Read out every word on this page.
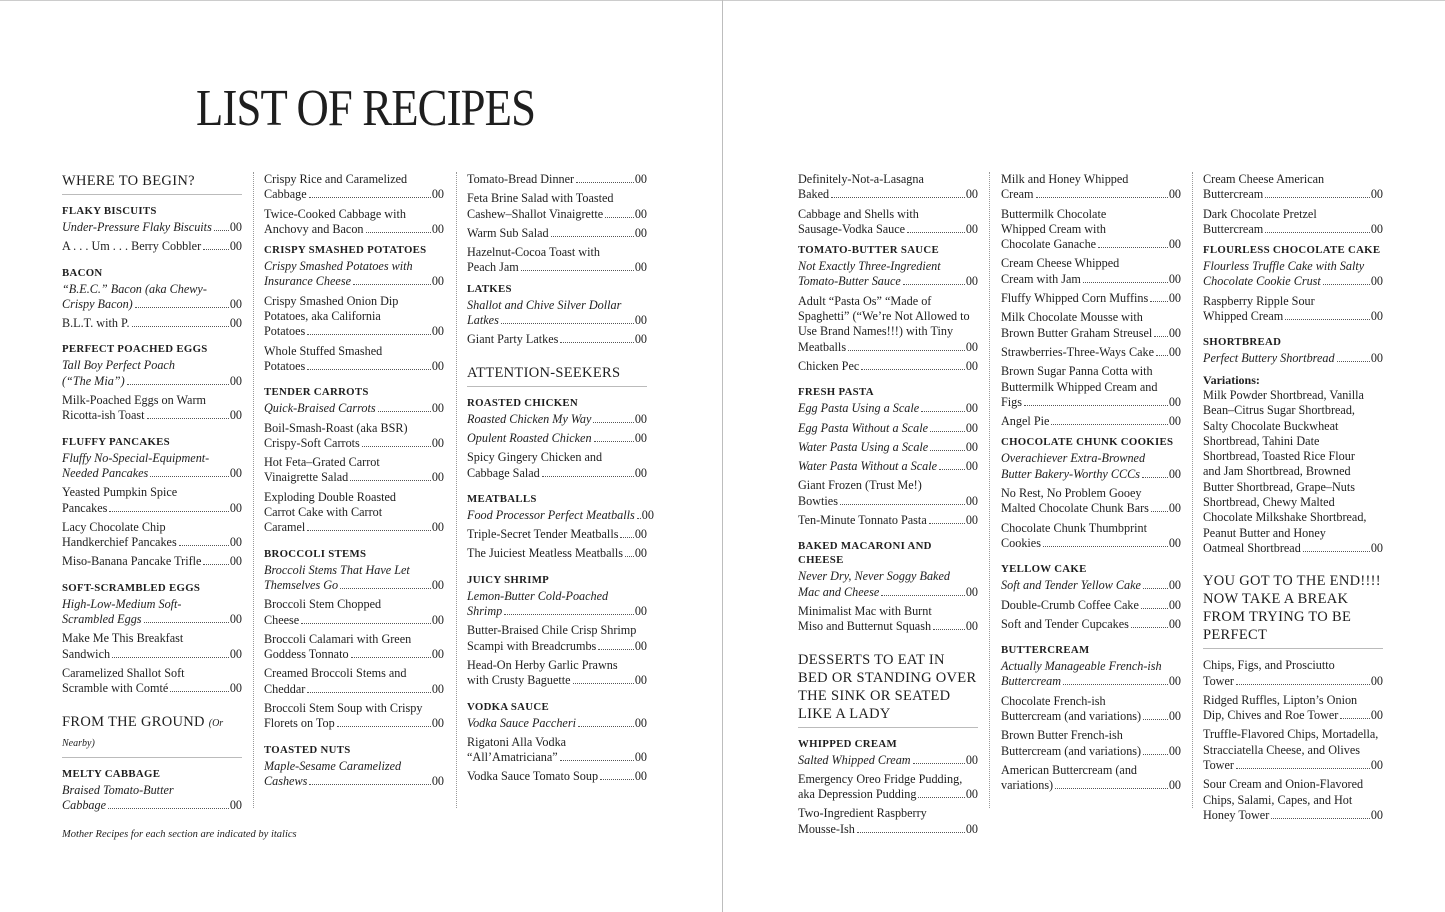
LIST OF RECIPES
WHERE TO BEGIN?
FLAKY BISCUITS
Under-Pressure Flaky Biscuits 00
A . . . Um . . . Berry Cobbler 00
BACON
“B.E.C.” Bacon (aka Chewy-
Crispy Bacon)	00
B.L.T. with P.	00
PERFECT POACHED EGGS
Tall Boy Perfect Poach
(“The Mia”)	00
Milk-Poached Eggs on Warm
Ricotta-ish Toast	00
FLUFFY PANCAKES
Fluffy No-Special-Equipment-
Needed Pancakes	00
Yeasted Pumpkin Spice
Pancakes	00
Lacy Chocolate Chip
Handkerchief Pancakes	00
Miso-Banana Pancake Trifle 00
SOFT-SCRAMBLED EGGS
High-Low-Medium Soft-
Scrambled Eggs	00
Make Me This Breakfast
Sandwich	00
Caramelized Shallot Soft
Scramble with Comté	00
FROM THE GROUND (Or Nearby)
MELTY CABBAGE
Braised Tomato-Butter
Cabbage	00
Crispy Rice and Caramelized
Cabbage	00
Twice-Cooked Cabbage with
Anchovy and Bacon	00
CRISPY SMASHED POTATOES
Crispy Smashed Potatoes with
Insurance Cheese	00
Crispy Smashed Onion Dip
Potatoes, aka California
Potatoes	00
Whole Stuffed Smashed
Potatoes	00
TENDER CARROTS
Quick-Braised Carrots	00
Boil-Smash-Roast (aka BSR)
Crispy-Soft Carrots	00
Hot Feta–Grated Carrot
Vinaigrette Salad	00
Exploding Double Roasted
Carrot Cake with Carrot
Caramel	00
BROCCOLI STEMS
Broccoli Stems That Have Let
Themselves Go	00
Broccoli Stem Chopped
Cheese	00
Broccoli Calamari with Green
Goddess Tonnato	00
Creamed Broccoli Stems and
Cheddar	00
Broccoli Stem Soup with Crispy
Florets on Top	00
TOASTED NUTS
Maple-Sesame Caramelized
Cashews	00
Tomato-Bread Dinner	00
Feta Brine Salad with Toasted
Cashew–Shallot Vinaigrette	00
Warm Sub Salad	00
Hazelnut-Cocoa Toast with
Peach Jam	00
LATKES
Shallot and Chive Silver Dollar
Latkes	00
Giant Party Latkes	00
ATTENTION-SEEKERS
ROASTED CHICKEN
Roasted Chicken My Way	00
Opulent Roasted Chicken	00
Spicy Gingery Chicken and
Cabbage Salad	00
MEATBALLS
Food Processor Perfect Meatballs 00
Triple-Secret Tender Meatballs 00
The Juiciest Meatless Meatballs 00
JUICY SHRIMP
Lemon-Butter Cold-Poached
Shrimp	00
Butter-Braised Chile Crisp Shrimp
Scampi with Breadcrumbs	00
Head-On Herby Garlic Prawns
with Crusty Baguette	00
VODKA SAUCE
Vodka Sauce Paccheri	00
Rigatoni Alla Vodka
“All’Amatriciana”	00
Vodka Sauce Tomato Soup	00
Definitely-Not-a-Lasagna
Baked	00
Cabbage and Shells with
Sausage-Vodka Sauce	00
TOMATO-BUTTER SAUCE
Not Exactly Three-Ingredient
Tomato-Butter Sauce	00
Adult “Pasta Os” “Made of
Spaghetti” (“We’re Not Allowed to
Use Brand Names!!!) with Tiny
Meatballs	00
Chicken Pec	00
FRESH PASTA
Egg Pasta Using a Scale	00
Egg Pasta Without a Scale	00
Water Pasta Using a Scale	00
Water Pasta Without a Scale 00
Giant Frozen (Trust Me!)
Bowties	00
Ten-Minute Tonnato Pasta	00
BAKED MACARONI AND CHEESE
Never Dry, Never Soggy Baked
Mac and Cheese	00
Minimalist Mac with Burnt
Miso and Butternut Squash	00
DESSERTS TO EAT IN BED OR STANDING OVER THE SINK OR SEATED LIKE A LADY
WHIPPED CREAM
Salted Whipped Cream	00
Emergency Oreo Fridge Pudding,
aka Depression Pudding	00
Two-Ingredient Raspberry
Mousse-Ish	00
Milk and Honey Whipped
Cream	00
Buttermilk Chocolate
Whipped Cream with
Chocolate Ganache	00
Cream Cheese Whipped
Cream with Jam	00
Fluffy Whipped Corn Muffins 00
Milk Chocolate Mousse with
Brown Butter Graham Streusel 00
Strawberries-Three-Ways Cake 00
Brown Sugar Panna Cotta with
Buttermilk Whipped Cream and
Figs	00
Angel Pie	00
CHOCOLATE CHUNK COOKIES
Overachiever Extra-Browned
Butter Bakery-Worthy CCCs 00
No Rest, No Problem Gooey
Malted Chocolate Chunk Bars 00
Chocolate Chunk Thumbprint
Cookies	00
YELLOW CAKE
Soft and Tender Yellow Cake 00
Double-Crumb Coffee Cake 00
Soft and Tender Cupcakes	00
BUTTERCREAM
Actually Manageable French-ish
Buttercream	00
Chocolate French-ish
Buttercream (and variations) 00
Brown Butter French-ish
Buttercream (and variations) 00
American Buttercream (and
variations)	00
Cream Cheese American
Buttercream	00
Dark Chocolate Pretzel
Buttercream	00
FLOURLESS CHOCOLATE CAKE
Flourless Truffle Cake with Salty
Chocolate Cookie Crust	00
Raspberry Ripple Sour
Whipped Cream	00
SHORTBREAD
Perfect Buttery Shortbread	00
Variations:
Milk Powder Shortbread, Vanilla
Bean–Citrus Sugar Shortbread,
Salty Chocolate Buckwheat
Shortbread, Tahini Date
Shortbread, Toasted Rice Flour
and Jam Shortbread, Browned
Butter Shortbread, Grape–Nuts
Shortbread, Chewy Malted
Chocolate Milkshake Shortbread,
Peanut Butter and Honey
Oatmeal Shortbread	00
YOU GOT TO THE END!!!! NOW TAKE A BREAK FROM TRYING TO BE PERFECT
Chips, Figs, and Prosciutto
Tower	00
Ridged Ruffles, Lipton’s Onion
Dip, Chives and Roe Tower	00
Truffle-Flavored Chips, Mortadella,
Stracciatella Cheese, and Olives
Tower	00
Sour Cream and Onion-Flavored
Chips, Salami, Capes, and Hot
Honey Tower	00
Mother Recipes for each section are indicated by italics
